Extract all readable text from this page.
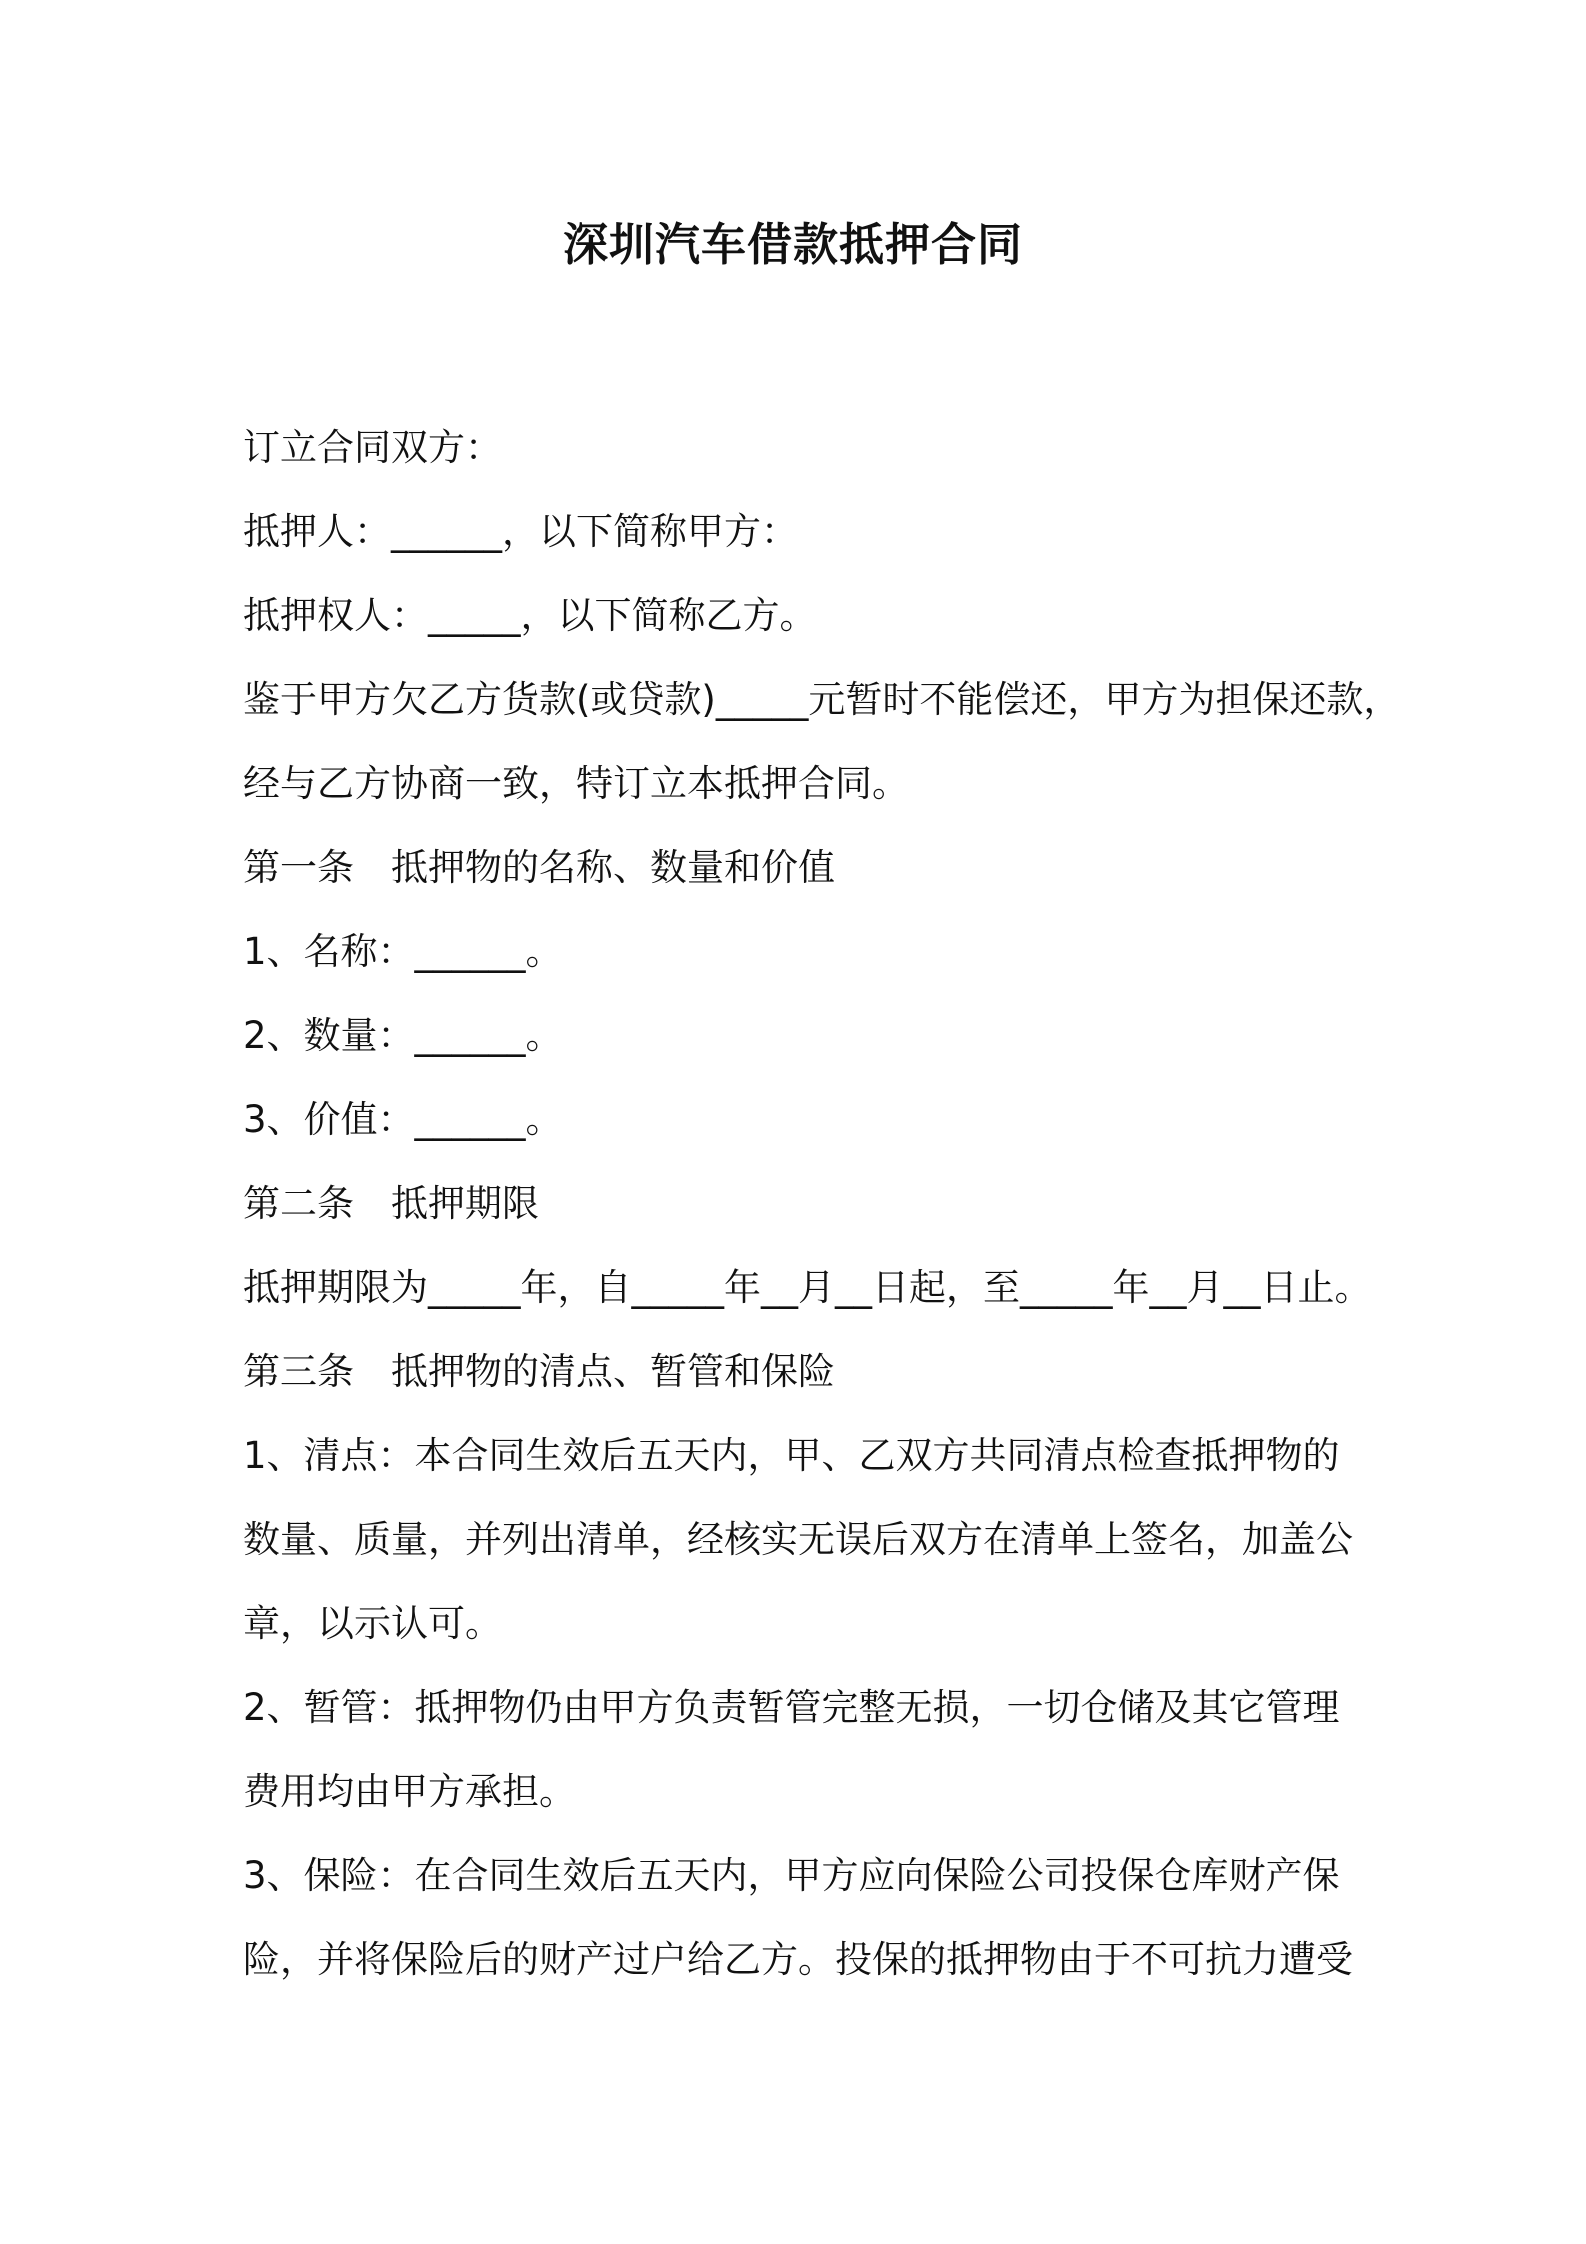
深圳汽车借款抵押合同
订立合同双方：
抵押人：______，以下简称甲方：
抵押权人：_____，以下简称乙方。
鉴于甲方欠乙方货款(或贷款)_____元暂时不能偿还，甲方为担保还款，
经与乙方协商一致，特订立本抵押合同。
第一条　抵押物的名称、数量和价值
1、名称：______。
2、数量：______。
3、价值：______。
第二条　抵押期限
抵押期限为_____年，自_____年__月__日起，至_____年__月__日止。
第三条　抵押物的清点、暂管和保险
1、清点：本合同生效后五天内，甲、乙双方共同清点检查抵押物的
数量、质量，并列出清单，经核实无误后双方在清单上签名，加盖公
章，以示认可。
2、暂管：抵押物仍由甲方负责暂管完整无损，一切仓储及其它管理
费用均由甲方承担。
3、保险：在合同生效后五天内，甲方应向保险公司投保仓库财产保
险，并将保险后的财产过户给乙方。投保的抵押物由于不可抗力遭受
